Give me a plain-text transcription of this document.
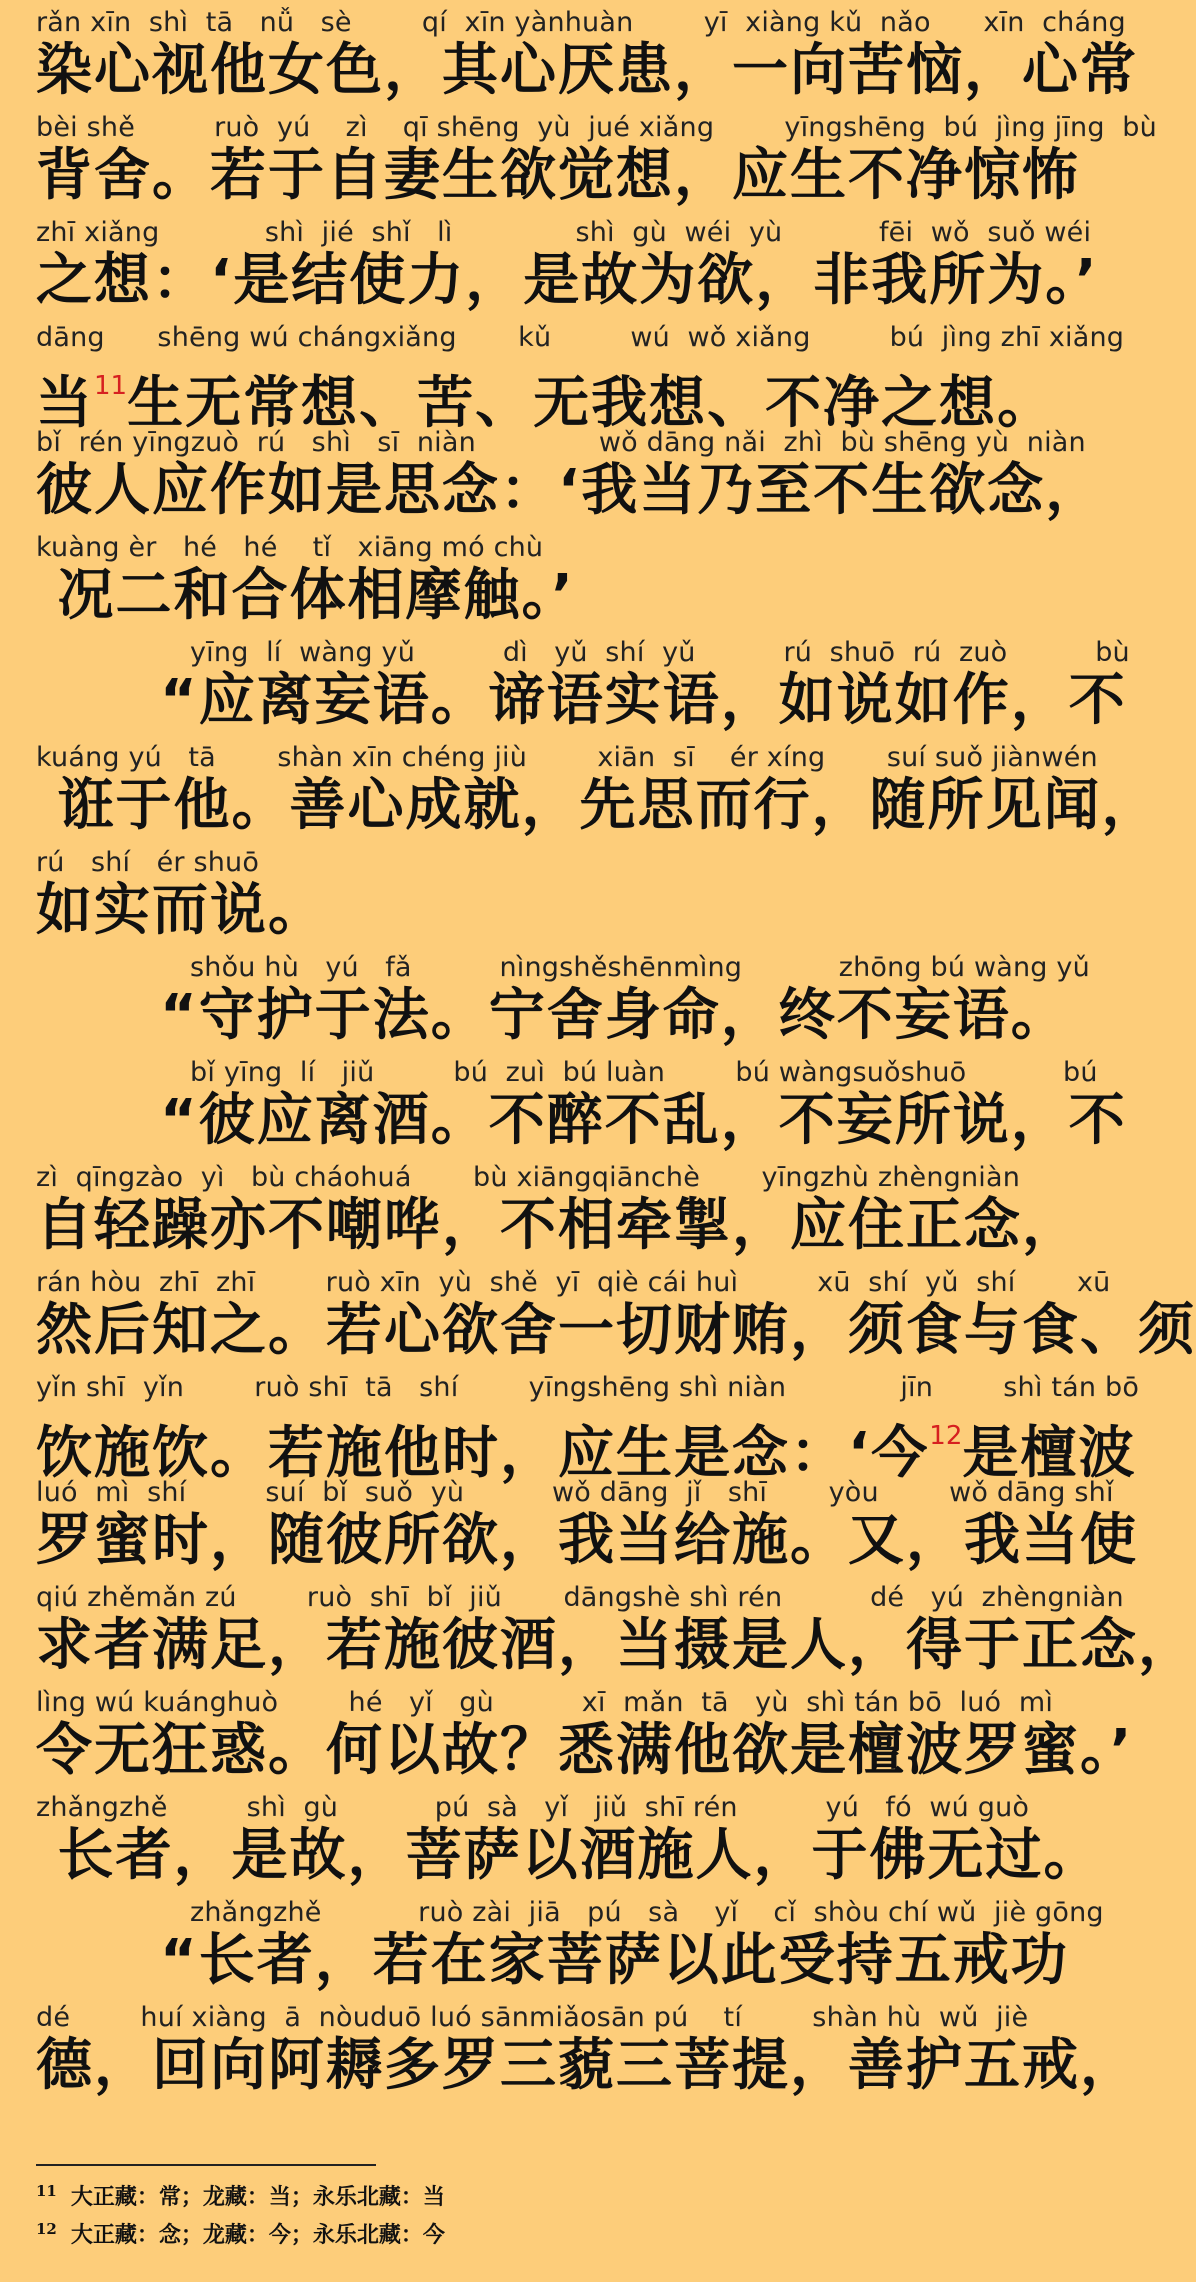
rǎn xīn  shì  tā   nǚ   sè        qí  xīn yànhuàn        yī  xiàng kǔ  nǎo      xīn  cháng
染心视他女色，其心厌患，一向苦恼，心常
bèi shě         ruò  yú    zì    qī shēng  yù  jué xiǎng        yīngshēng  bú  jìng jīng  bù
背舍。若于自妻生欲觉想，应生不净惊怖
zhī xiǎng            shì  jié  shǐ   lì              shì  gù  wéi  yù           fēi  wǒ  suǒ wéi
之想：‘是结使力，是故为欲，非我所为。’
dāng      shēng wú chángxiǎng       kǔ         wú  wǒ xiǎng         bú  jìng zhī xiǎng
当$^{11}$生无常想、苦、无我想、不净之想。
bǐ  rén yīngzuò  rú   shì   sī  niàn              wǒ dāng nǎi  zhì  bù shēng yù  niàn
彼人应作如是思念：‘我当乃至不生欲念，
kuàng èr   hé   hé    tǐ   xiāng mó chù
况二和合体相摩触。’
yīng  lí  wàng yǔ          dì   yǔ  shí  yǔ          rú  shuō  rú  zuò          bù
“应离妄语。谛语实语，如说如作，不
kuáng yú   tā       shàn xīn chéng jiù        xiān  sī    ér xíng       suí suǒ jiànwén
诳于他。善心成就，先思而行，随所见闻，
rú   shí   ér shuō
如实而说。
shǒu hù   yú   fǎ          nìngshěshēnmìng           zhōng bú wàng yǔ
“守护于法。宁舍身命，终不妄语。
bǐ yīng  lí   jiǔ         bú  zuì  bú luàn        bú wàngsuǒshuō           bú
“彼应离酒。不醉不乱，不妄所说，不
zì  qīngzào  yì   bù cháohuá       bù xiāngqiānchè       yīngzhù zhèngniàn
自轻躁亦不嘲哗，不相牵掣，应住正念，
rán hòu  zhī  zhī        ruò xīn  yù  shě  yī  qiè cái huì         xū  shí  yǔ  shí       xū
然后知之。若心欲舍一切财贿，须食与食、须
yǐn shī  yǐn        ruò shī  tā   shí        yīngshēng shì niàn             jīn        shì tán bō
饮施饮。若施他时，应生是念：‘今$^{12}$是檀波
luó  mì  shí         suí  bǐ  suǒ  yù          wǒ dāng  jǐ   shī       yòu        wǒ dāng shǐ
罗蜜时，随彼所欲，我当给施。又，我当使
qiú zhěmǎn zú        ruò  shī  bǐ  jiǔ       dāngshè shì rén          dé   yú  zhèngniàn
求者满足，若施彼酒，当摄是人，得于正念，
lìng wú kuánghuò        hé   yǐ   gù          xī  mǎn  tā   yù  shì tán bō  luó  mì
令无狂惑。何以故？悉满他欲是檀波罗蜜。’
zhǎngzhě         shì  gù           pú  sà   yǐ   jiǔ  shī rén          yú   fó  wú guò
长者，是故，菩萨以酒施人，于佛无过。
zhǎngzhě           ruò zài  jiā   pú   sà    yǐ    cǐ  shòu chí wǔ  jiè gōng
“长者，若在家菩萨以此受持五戒功
dé        huí xiàng  ā  nòuduō luó sānmiǎosān pú    tí        shàn hù  wǔ  jiè
德，回向阿耨多罗三藐三菩提，善护五戒，
$^{11}$ 大正藏：常；龙藏：当；永乐北藏：当
$^{12}$ 大正藏：念；龙藏：今；永乐北藏：今
